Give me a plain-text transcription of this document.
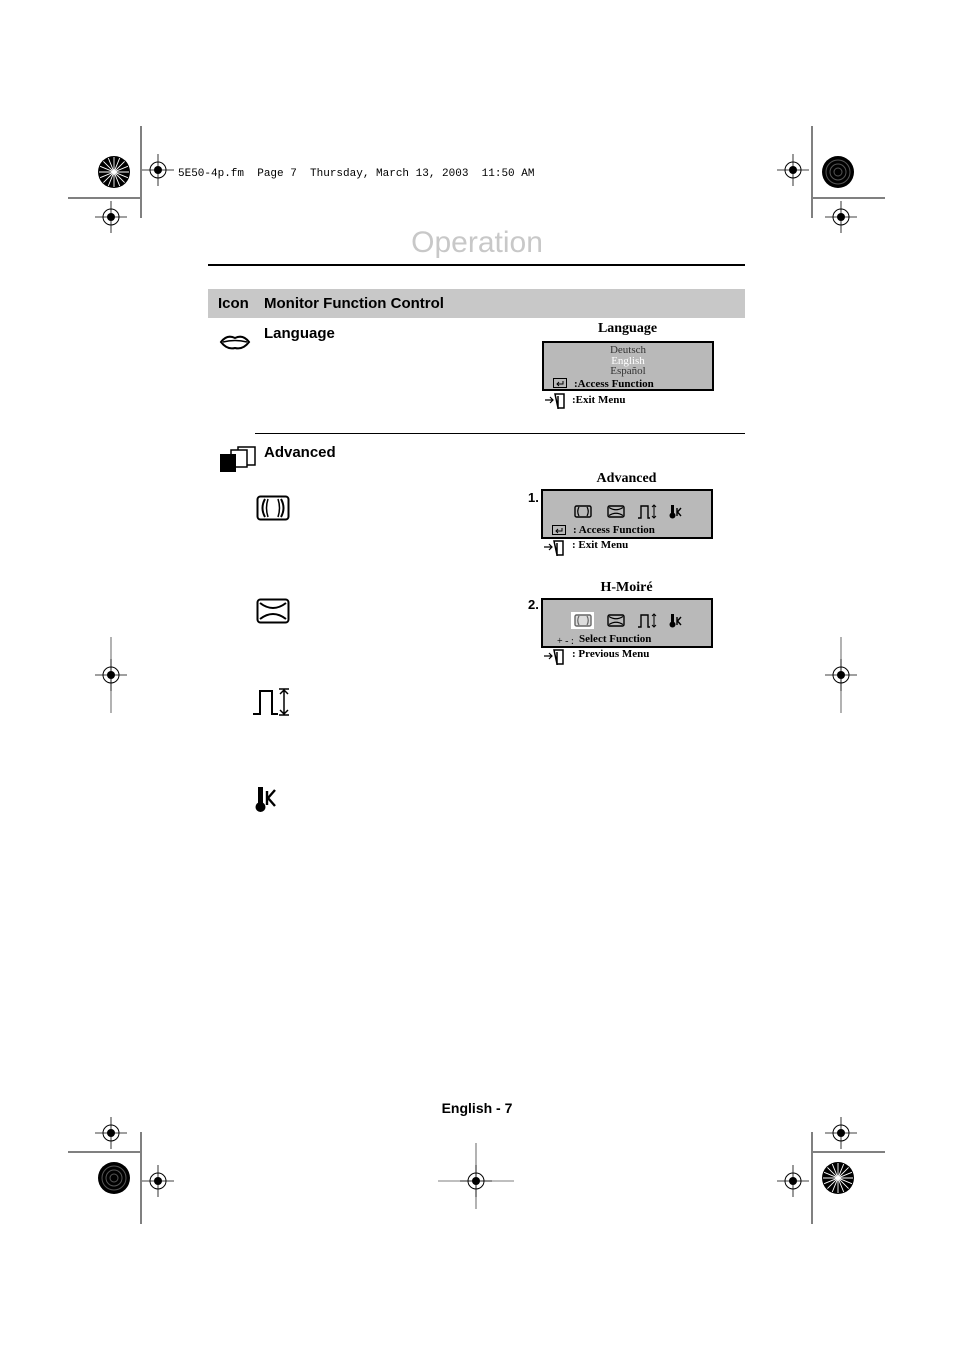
5E50-4p.fm  Page 7  Thursday, March 13, 2003  11:50 AM
Operation
Icon Monitor Function Control
Language	Language
Deutsch
English
Español
:Access Function
:Exit Menu
Advanced
1.
Advanced
: Access Function
: Exit Menu
2.
H-Moiré
+ - : Select Function
: Previous Menu
English - 7
